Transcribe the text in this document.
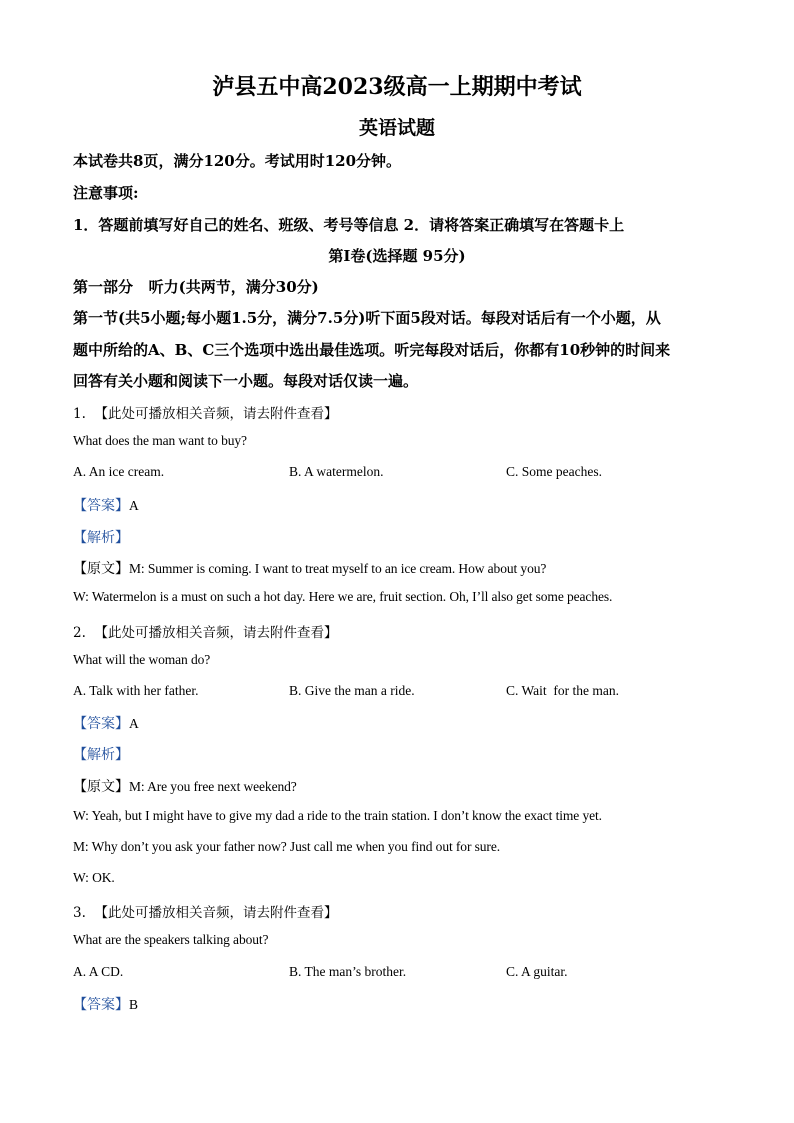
泸县五中高2023级高一上期期中考试
英语试题
本试卷共8页，满分120分。考试用时120分钟。
注意事项:
1．答题前填写好自己的姓名、班级、考号等信息 2．请将答案正确填写在答题卡上
第I卷(选择题 95分)
第一部分   听力(共两节，满分30分)
第一节(共5小题;每小题1.5分，满分7.5分)听下面5段对话。每段对话后有一个小题，从
题中所给的A、B、C三个选项中选出最佳选项。听完每段对话后，你都有10秒钟的时间来
回答有关小题和阅读下一小题。每段对话仅读一遍。
1.  【此处可播放相关音频，请去附件查看】
What does the man want to buy?
A. An ice cream.	B. A watermelon.	C. Some peaches.
【答案】A
【解析】
【原文】M: Summer is coming. I want to treat myself to an ice cream. How about you?
W: Watermelon is a must on such a hot day. Here we are, fruit section. Oh, I’ll also get some peaches.
2.  【此处可播放相关音频，请去附件查看】
What will the woman do?
A. Talk with her father.	B. Give the man a ride.	C. Wait  for the man.
【答案】A
【解析】
【原文】M: Are you free next weekend?
W: Yeah, but I might have to give my dad a ride to the train station. I don’t know the exact time yet.
M: Why don’t you ask your father now? Just call me when you find out for sure.
W: OK.
3.  【此处可播放相关音频，请去附件查看】
What are the speakers talking about?
A. A CD.	B. The man’s brother.	C. A guitar.
【答案】B
